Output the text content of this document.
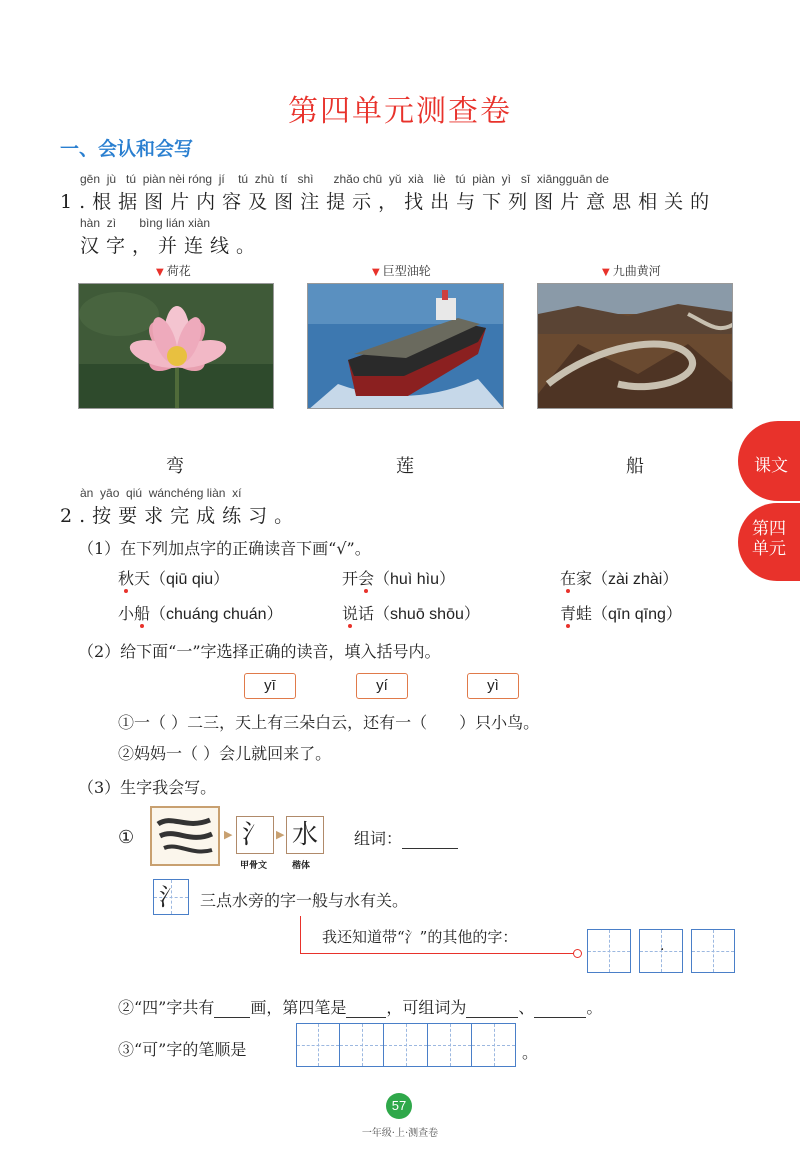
第四单元测查卷
一、会认和会写
gēn  jù   tú  piàn nèi róng  jí    tú  zhù  tí   shì      zhǎo chū  yǔ  xià   liè   tú  piàn  yì   sī  xiāngguān de
1.根据图片内容及图注提示，找出与下列图片意思相关的
hàn  zì       bìng lián xiàn
汉字，并连线。
▼ 荷花	▼ 巨型油轮	▼ 九曲黄河
弯	莲	船
àn  yāo  qiú  wánchéng liàn  xí
2.按要求完成练习。
（1）在下列加点字的正确读音下画“√”。
秋天（qiū qiu）	开会（huì hìu）	在家（zài zhài）
小船（chuáng chuán）	说话（shuō shōu）	青蛙（qīn qīng）
（2）给下面“一”字选择正确的读音，填入括号内。
yī	yí	yì
①一（ ）二三，天上有三朵白云，还有一（ ）只小鸟。
②妈妈一（ ）会儿就回来了。
（3）生字我会写。
①	▶ 氵 ▶ 水
甲骨文	楷体
组词：
氵	三点水旁的字一般与水有关。
我还知道带“氵”的其他的字：
·
②“四”字共有 画，第四笔是	，可组词为	、	。
③“可”字的笔顺是	。
课文
第四
单元
57
一年级·上·测查卷
